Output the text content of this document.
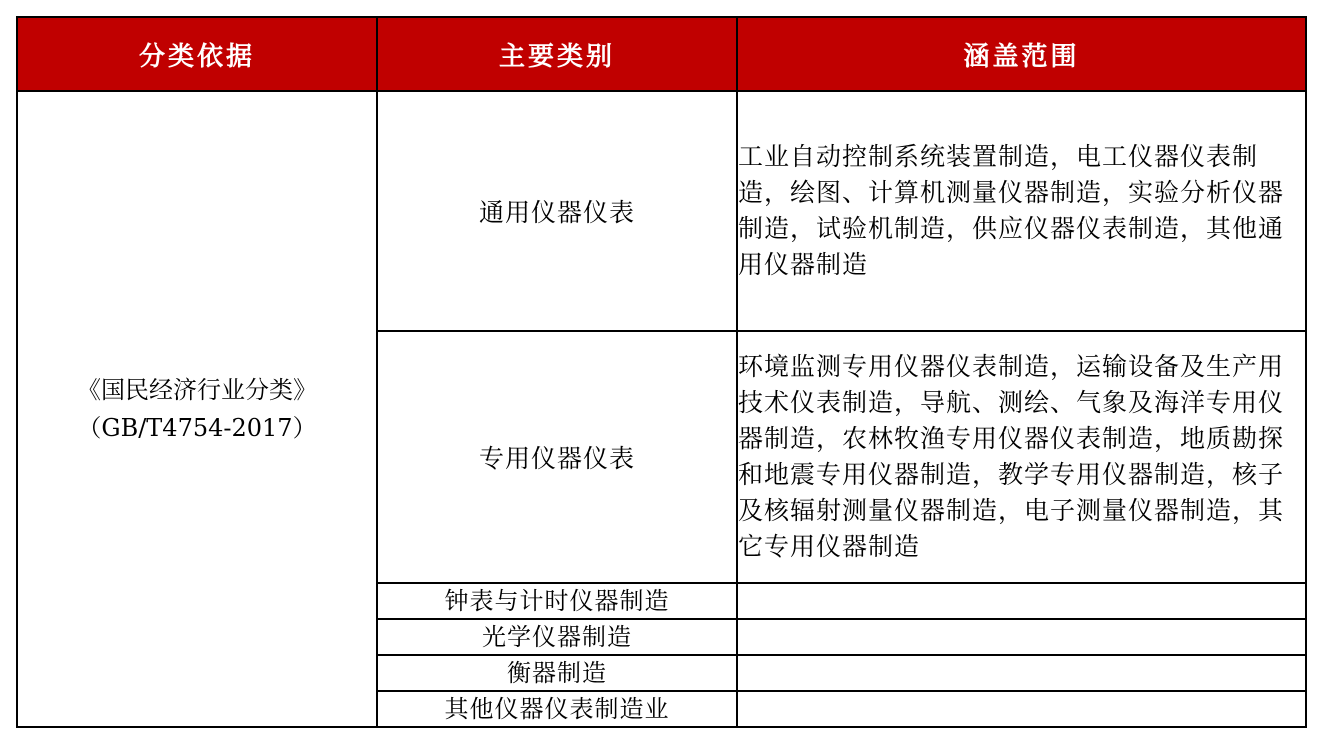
分类依据	主要类别	涵盖范围

《国民经济行业分类》
（GB/T4754-2017）	通用仪器仪表	工业自动控制系统装置制造，电工仪器仪表制造，绘图、计算机测量仪器制造，实验分析仪器制造，试验机制造，供应仪器仪表制造，其他通用仪器制造

	专用仪器仪表	环境监测专用仪器仪表制造，运输设备及生产用技术仪表制造，导航、测绘、气象及海洋专用仪器制造，农林牧渔专用仪器仪表制造，地质勘探和地震专用仪器制造，教学专用仪器制造，核子及核辐射测量仪器制造，电子测量仪器制造，其它专用仪器制造

	钟表与计时仪器制造	
	光学仪器制造	
	衡器制造	
	其他仪器仪表制造业	
